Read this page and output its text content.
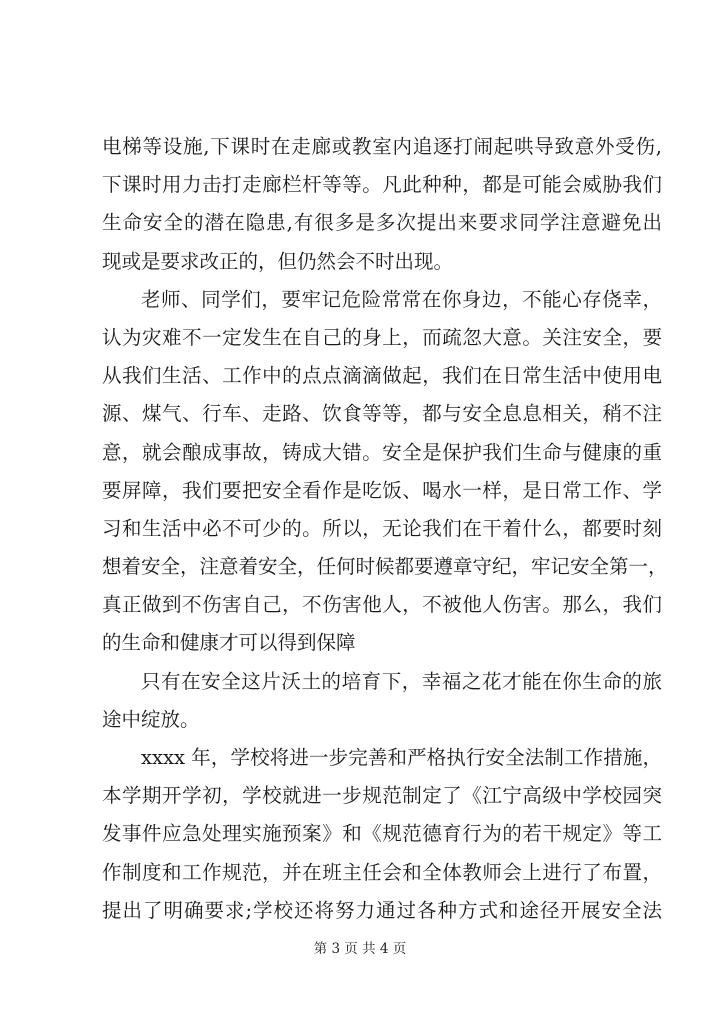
电梯等设施,下课时在走廊或教室内追逐打闹起哄导致意外受伤,
下课时用力击打走廊栏杆等等。凡此种种，都是可能会威胁我们
生命安全的潜在隐患,有很多是多次提出来要求同学注意避免出
现或是要求改正的，但仍然会不时出现。
老师、同学们，要牢记危险常常在你身边，不能心存侥幸，
认为灾难不一定发生在自己的身上，而疏忽大意。关注安全，要
从我们生活、工作中的点点滴滴做起，我们在日常生活中使用电
源、煤气、行车、走路、饮食等等，都与安全息息相关，稍不注
意，就会酿成事故，铸成大错。安全是保护我们生命与健康的重
要屏障，我们要把安全看作是吃饭、喝水一样，是日常工作、学
习和生活中必不可少的。所以，无论我们在干着什么，都要时刻
想着安全，注意着安全，任何时候都要遵章守纪，牢记安全第一，
真正做到不伤害自己，不伤害他人，不被他人伤害。那么，我们
的生命和健康才可以得到保障
只有在安全这片沃土的培育下，幸福之花才能在你生命的旅
途中绽放。
xxxx 年，学校将进一步完善和严格执行安全法制工作措施，
本学期开学初，学校就进一步规范制定了《江宁高级中学校园突
发事件应急处理实施预案》和《规范德育行为的若干规定》等工
作制度和工作规范，并在班主任会和全体教师会上进行了布置，
提出了明确要求;学校还将努力通过各种方式和途径开展安全法
第 3 页 共 4 页
